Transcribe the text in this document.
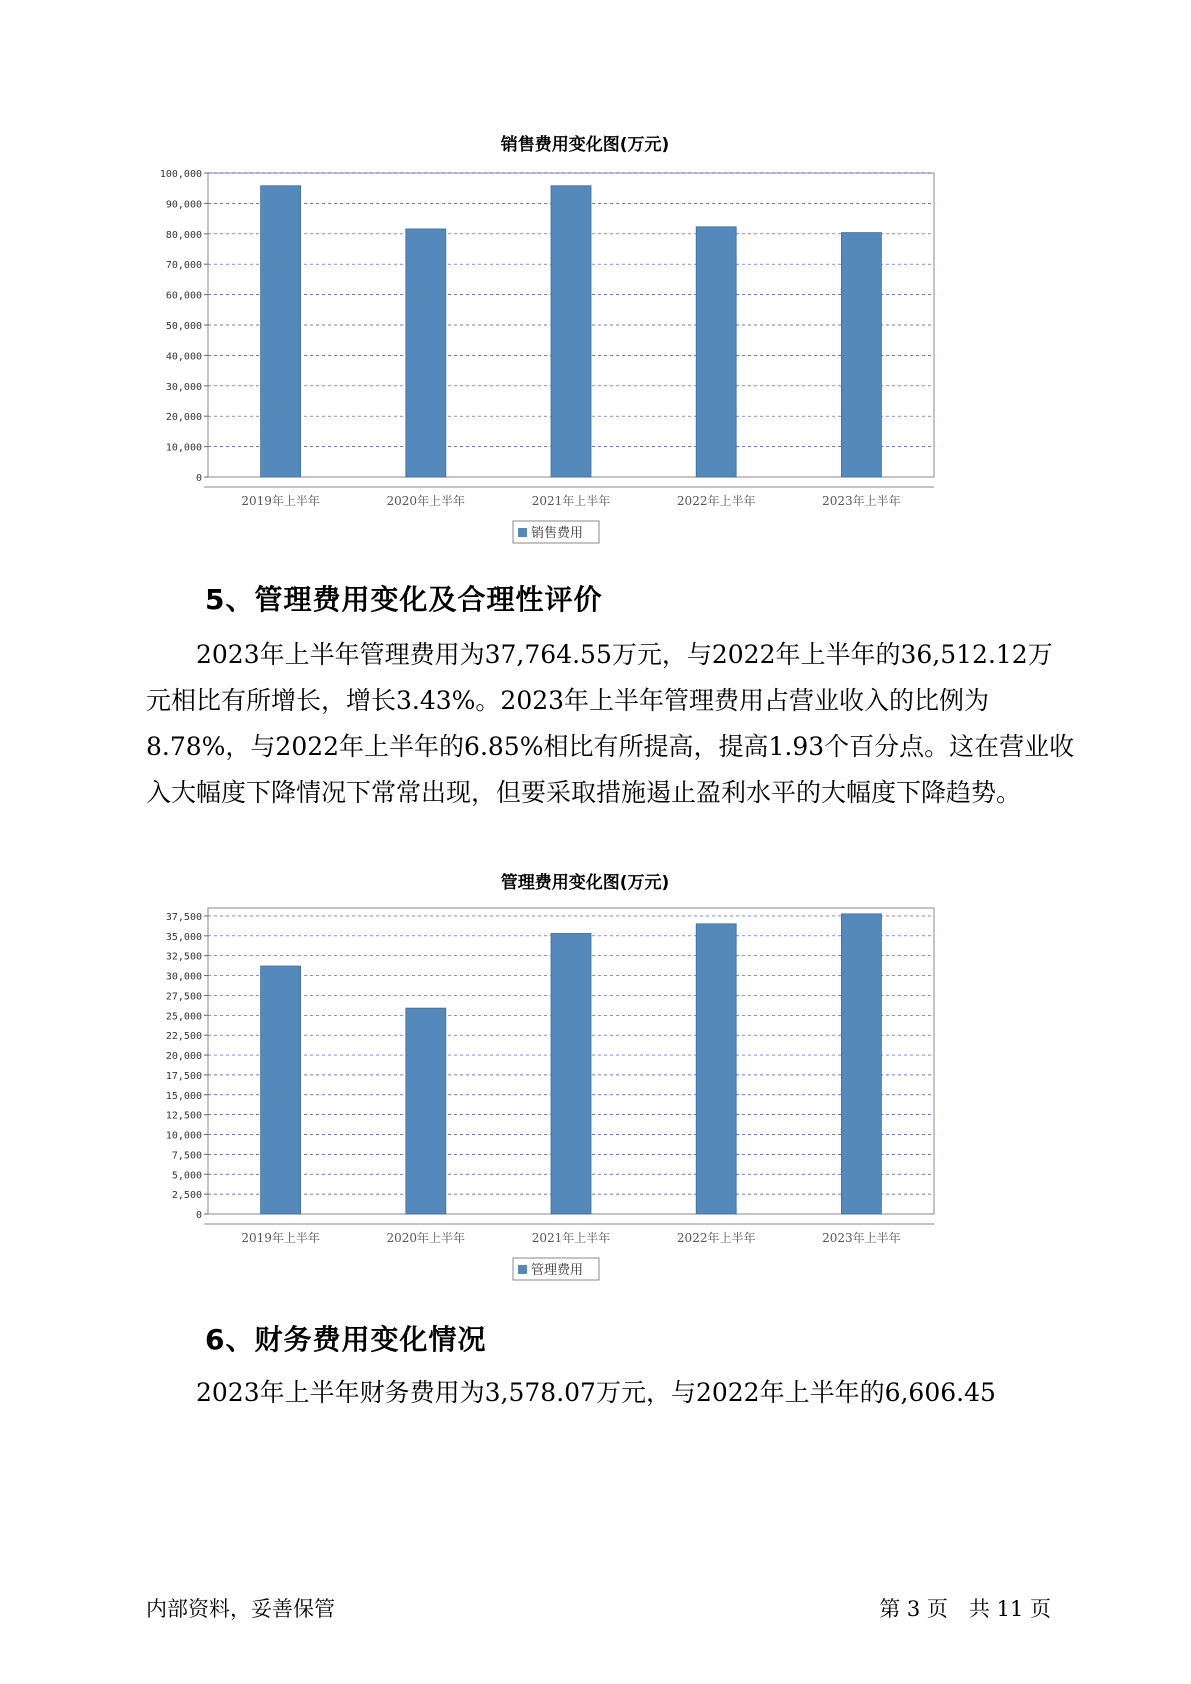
销售费用变化图(万元)
0
10,000
20,000
30,000
40,000
50,000
60,000
70,000
80,000
90,000
100,000
2019年上半年	2020年上半年	2021年上半年	2022年上半年	2023年上半年
销售费用
5、管理费用变化及合理性评价
2023年上半年管理费用为37,764.55万元，与2022年上半年的36,512.12万元相比有所增长，增长3.43%。2023年上半年管理费用占营业收入的比例为8.78%，与2022年上半年的6.85%相比有所提高，提高1.93个百分点。这在营业收入大幅度下降情况下常常出现，但要采取措施遏止盈利水平的大幅度下降趋势。
管理费用变化图(万元)
0
2,500
5,000
7,500
10,000
12,500
15,000
17,500
20,000
22,500
25,000
27,500
30,000
32,500
35,000
37,500
2019年上半年	2020年上半年	2021年上半年	2022年上半年	2023年上半年
管理费用
6、财务费用变化情况
2023年上半年财务费用为3,578.07万元，与2022年上半年的6,606.45
内部资料，妥善保管	第 3 页　共 11 页
